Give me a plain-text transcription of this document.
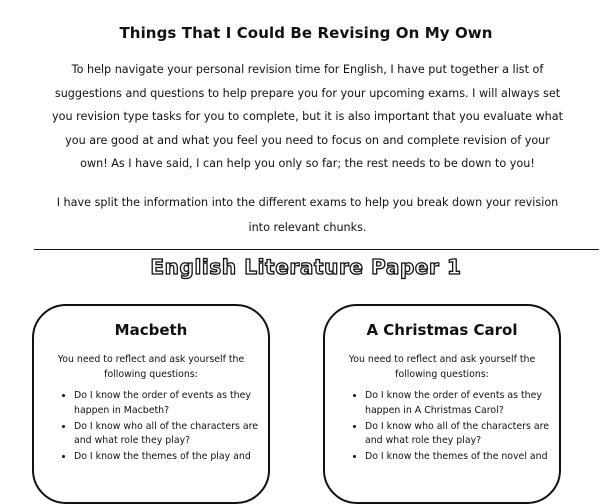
Things That I Could Be Revising On My Own

To help navigate your personal revision time for English, I have put together a list of suggestions and questions to help prepare you for your upcoming exams. I will always set you revision type tasks for you to complete, but it is also important that you evaluate what you are good at and what you feel you need to focus on and complete revision of your own! As I have said, I can help you only so far; the rest needs to be down to you!

I have split the information into the different exams to help you break down your revision into relevant chunks.

English Literature Paper 1
Macbeth

You need to reflect and ask yourself the following questions:

• Do I know the order of events as they happen in Macbeth?
• Do I know who all of the characters are and what role they play?
• Do I know the themes of the play and
A Christmas Carol

You need to reflect and ask yourself the following questions:

• Do I know the order of events as they happen in A Christmas Carol?
• Do I know who all of the characters are and what role they play?
• Do I know the themes of the novel and
